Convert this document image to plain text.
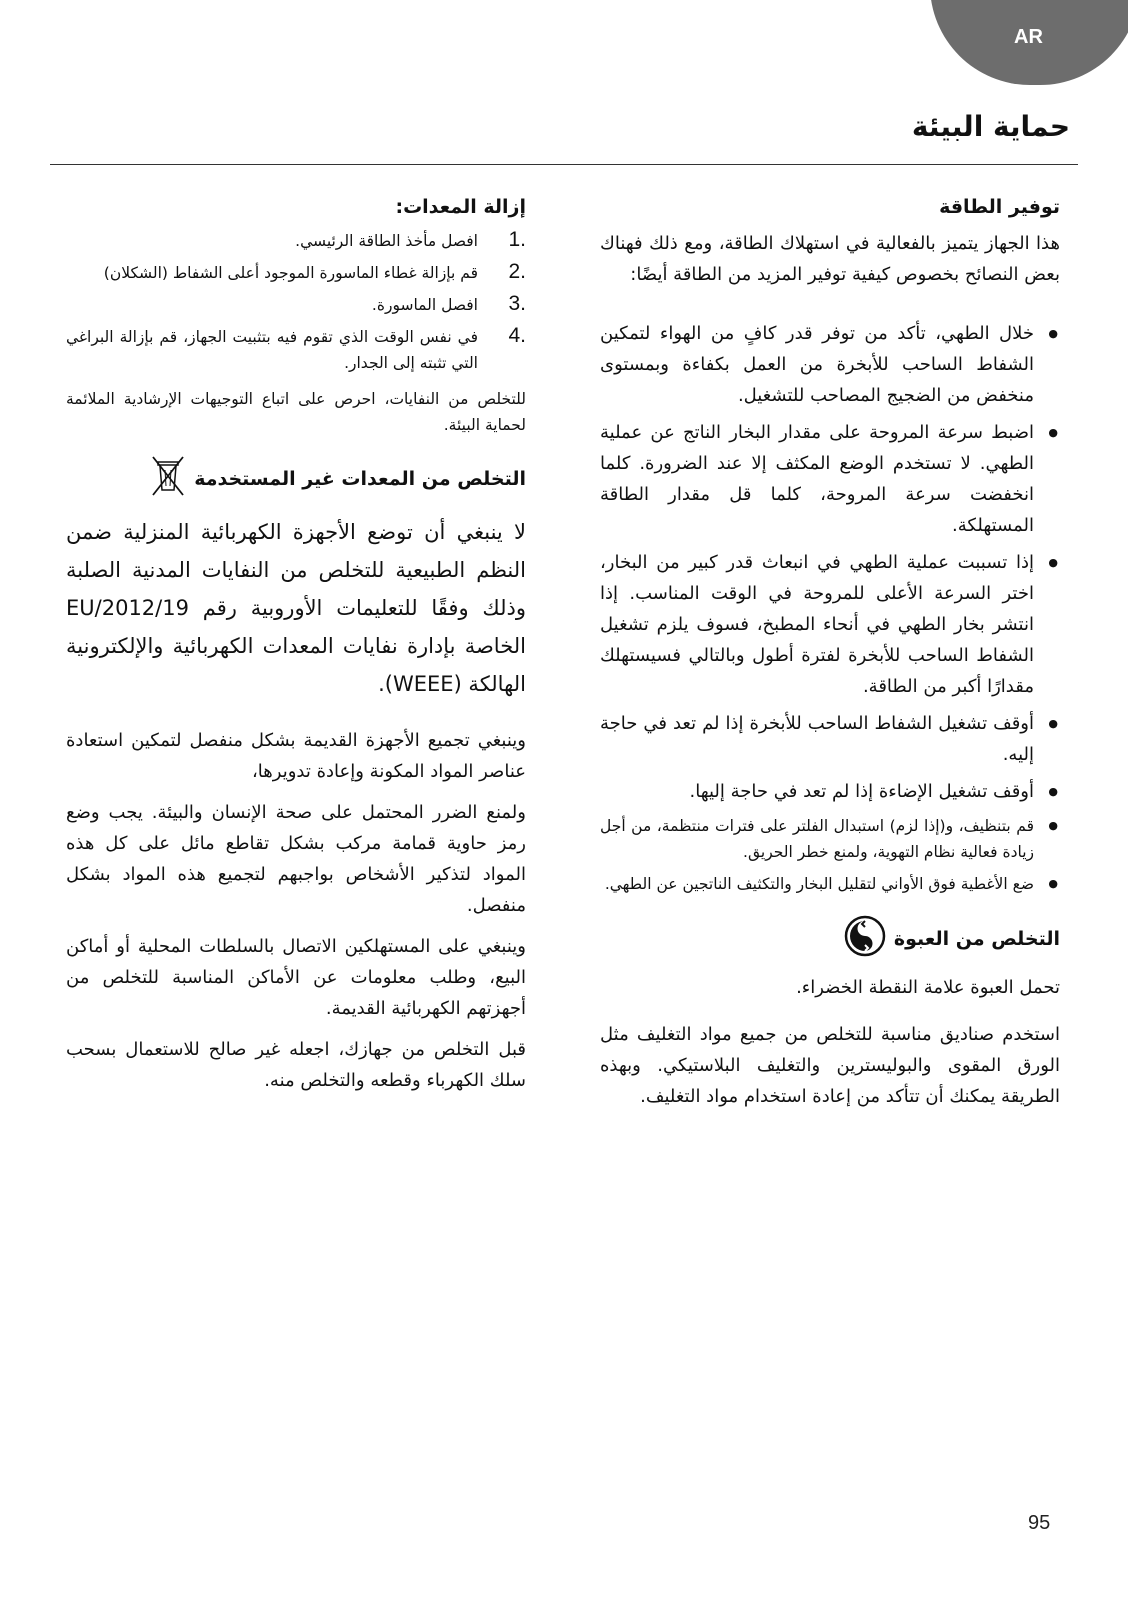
AR
حماية البيئة
توفير الطاقة

هذا الجهاز يتميز بالفعالية في استهلاك الطاقة، ومع ذلك فهناك بعض النصائح بخصوص كيفية توفير المزيد من الطاقة أيضًا:

● خلال الطهي، تأكد من توفر قدر كافٍ من الهواء لتمكين الشفاط الساحب للأبخرة من العمل بكفاءة وبمستوى منخفض من الضجيج المصاحب للتشغيل.
● اضبط سرعة المروحة على مقدار البخار الناتج عن عملية الطهي. لا تستخدم الوضع المكثف إلا عند الضرورة. كلما انخفضت سرعة المروحة، كلما قل مقدار الطاقة المستهلكة.
● إذا تسببت عملية الطهي في انبعاث قدر كبير من البخار، اختر السرعة الأعلى للمروحة في الوقت المناسب. إذا انتشر بخار الطهي في أنحاء المطبخ، فسوف يلزم تشغيل الشفاط الساحب للأبخرة لفترة أطول وبالتالي فسيستهلك مقدارًا أكبر من الطاقة.
● أوقف تشغيل الشفاط الساحب للأبخرة إذا لم تعد في حاجة إليه.
● أوقف تشغيل الإضاءة إذا لم تعد في حاجة إليها.
● قم بتنظيف، و(إذا لزم) استبدال الفلتر على فترات منتظمة، من أجل زيادة فعالية نظام التهوية، ولمنع خطر الحريق.
● ضع الأغطية فوق الأواني لتقليل البخار والتكثيف الناتجين عن الطهي.
التخلص من العبوة

تحمل العبوة علامة النقطة الخضراء.

استخدم صناديق مناسبة للتخلص من جميع مواد التغليف مثل الورق المقوى والبوليسترين والتغليف البلاستيكي. وبهذه الطريقة يمكنك أن تتأكد من إعادة استخدام مواد التغليف.

إزالة المعدات:
1.
افصل مأخذ الطاقة الرئيسي.
2.
قم بإزالة غطاء الماسورة الموجود أعلى الشفاط (الشكلان)
3.
افصل الماسورة.
4.
في نفس الوقت الذي تقوم فيه بتثبيت الجهاز، قم بإزالة البراغي التي تثبته إلى الجدار.

للتخلص من النفايات، احرص على اتباع التوجيهات الإرشادية الملائمة لحماية البيئة.

التخلص من المعدات غير المستخدمة

لا ينبغي أن توضع الأجهزة الكهربائية المنزلية ضمن النظم الطبيعية للتخلص من النفايات المدنية الصلبة وذلك وفقًا للتعليمات الأوروبية رقم 2012/19/EU الخاصة بإدارة نفايات المعدات الكهربائية والإلكترونية الهالكة (WEEE).

وينبغي تجميع الأجهزة القديمة بشكل منفصل لتمكين استعادة عناصر المواد المكونة وإعادة تدويرها،

ولمنع الضرر المحتمل على صحة الإنسان والبيئة. يجب وضع رمز حاوية قمامة مركب بشكل تقاطع مائل على كل هذه المواد لتذكير الأشخاص بواجبهم لتجميع هذه المواد بشكل منفصل.

وينبغي على المستهلكين الاتصال بالسلطات المحلية أو أماكن البيع، وطلب معلومات عن الأماكن المناسبة للتخلص من أجهزتهم الكهربائية القديمة.

قبل التخلص من جهازك، اجعله غير صالح للاستعمال بسحب سلك الكهرباء وقطعه والتخلص منه.

95
